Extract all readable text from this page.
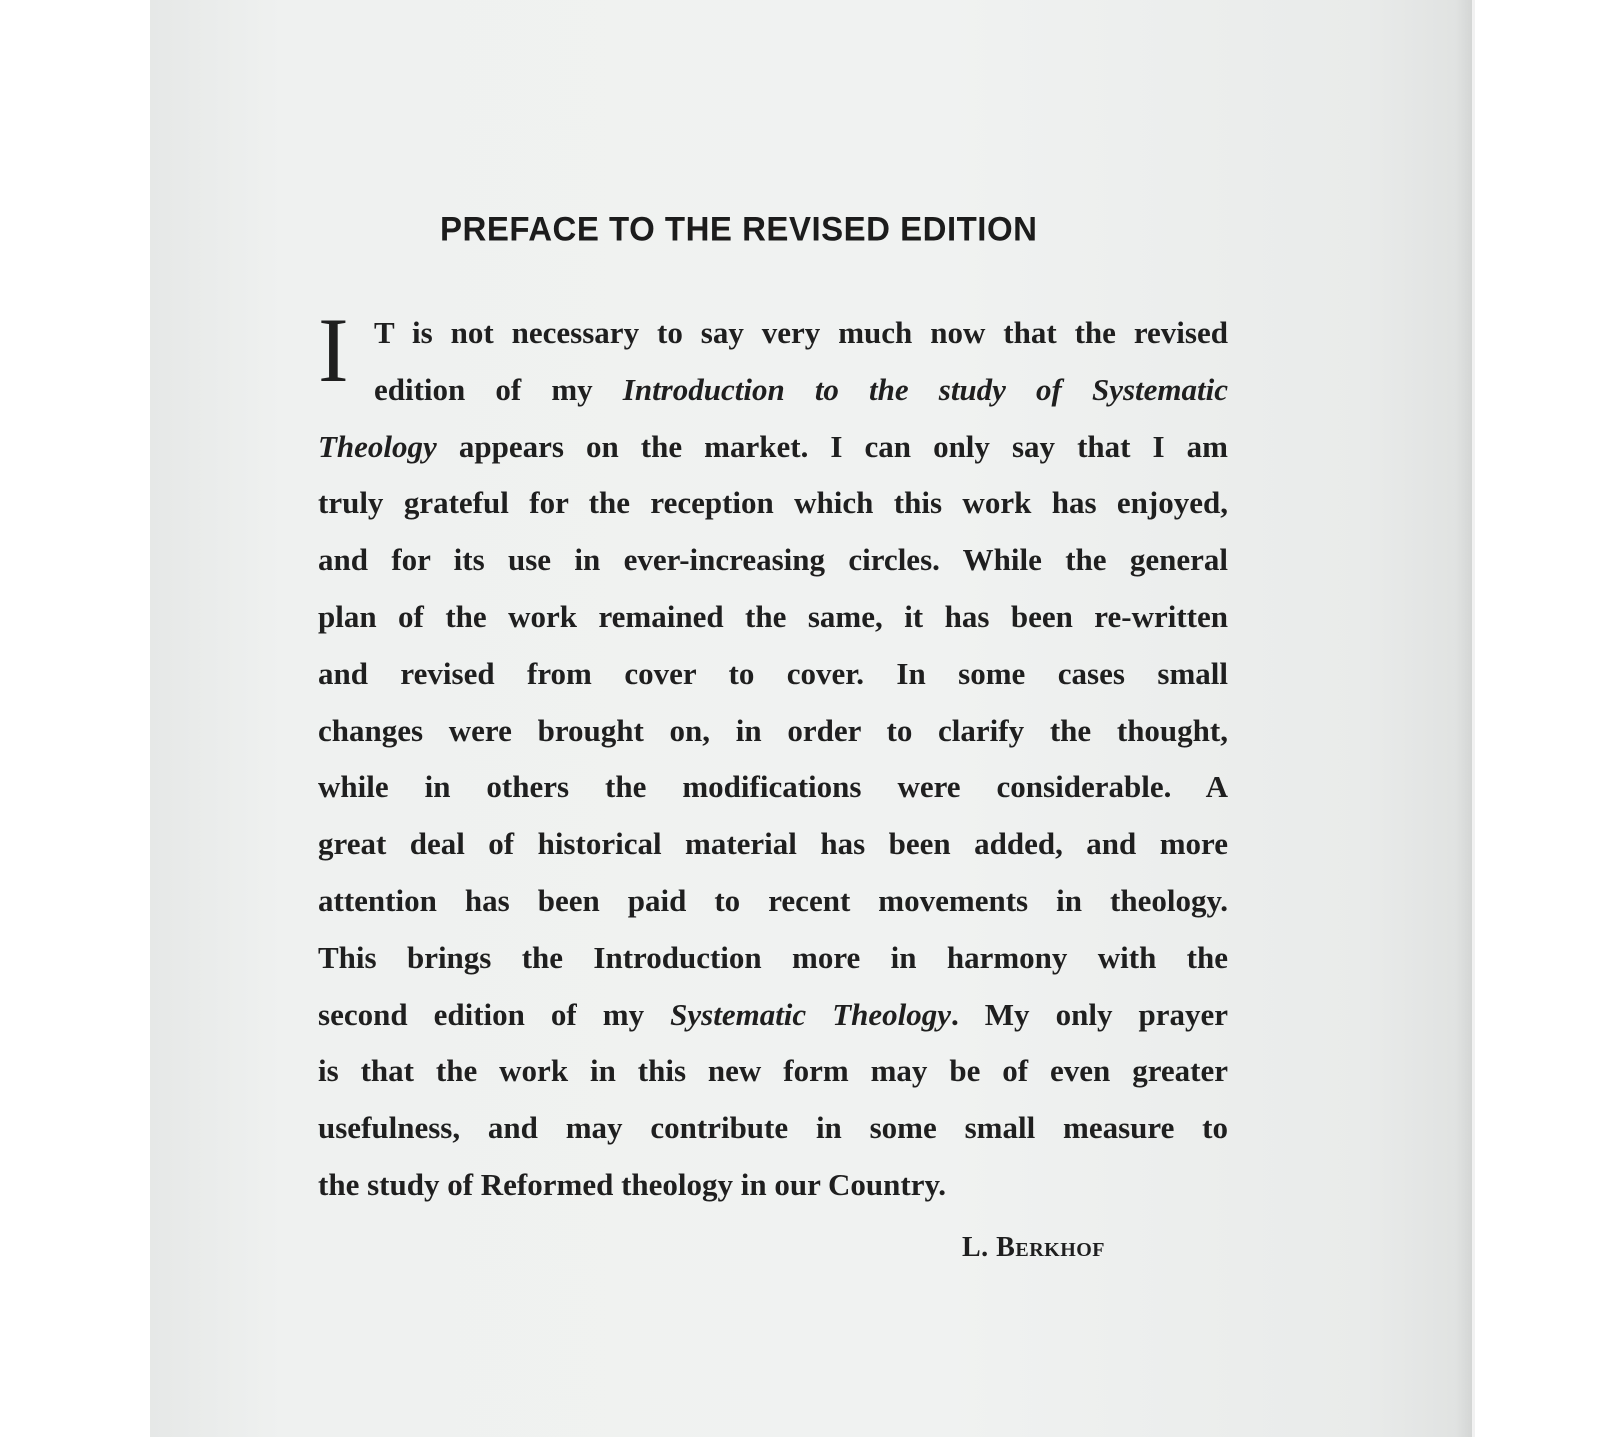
PREFACE TO THE REVISED EDITION
I T is not necessary to say very much now that the revised
edition of my Introduction to the study of Systematic
Theology appears on the market. I can only say that I am
truly grateful for the reception which this work has enjoyed,
and for its use in ever-increasing circles. While the general
plan of the work remained the same, it has been re-written
and revised from cover to cover. In some cases small
changes were brought on, in order to clarify the thought,
while in others the modifications were considerable. A
great deal of historical material has been added, and more
attention has been paid to recent movements in theology.
This brings the Introduction more in harmony with the
second edition of my Systematic Theology. My only prayer
is that the work in this new form may be of even greater
usefulness, and may contribute in some small measure to
the study of Reformed theology in our Country.
L. Berkhof
